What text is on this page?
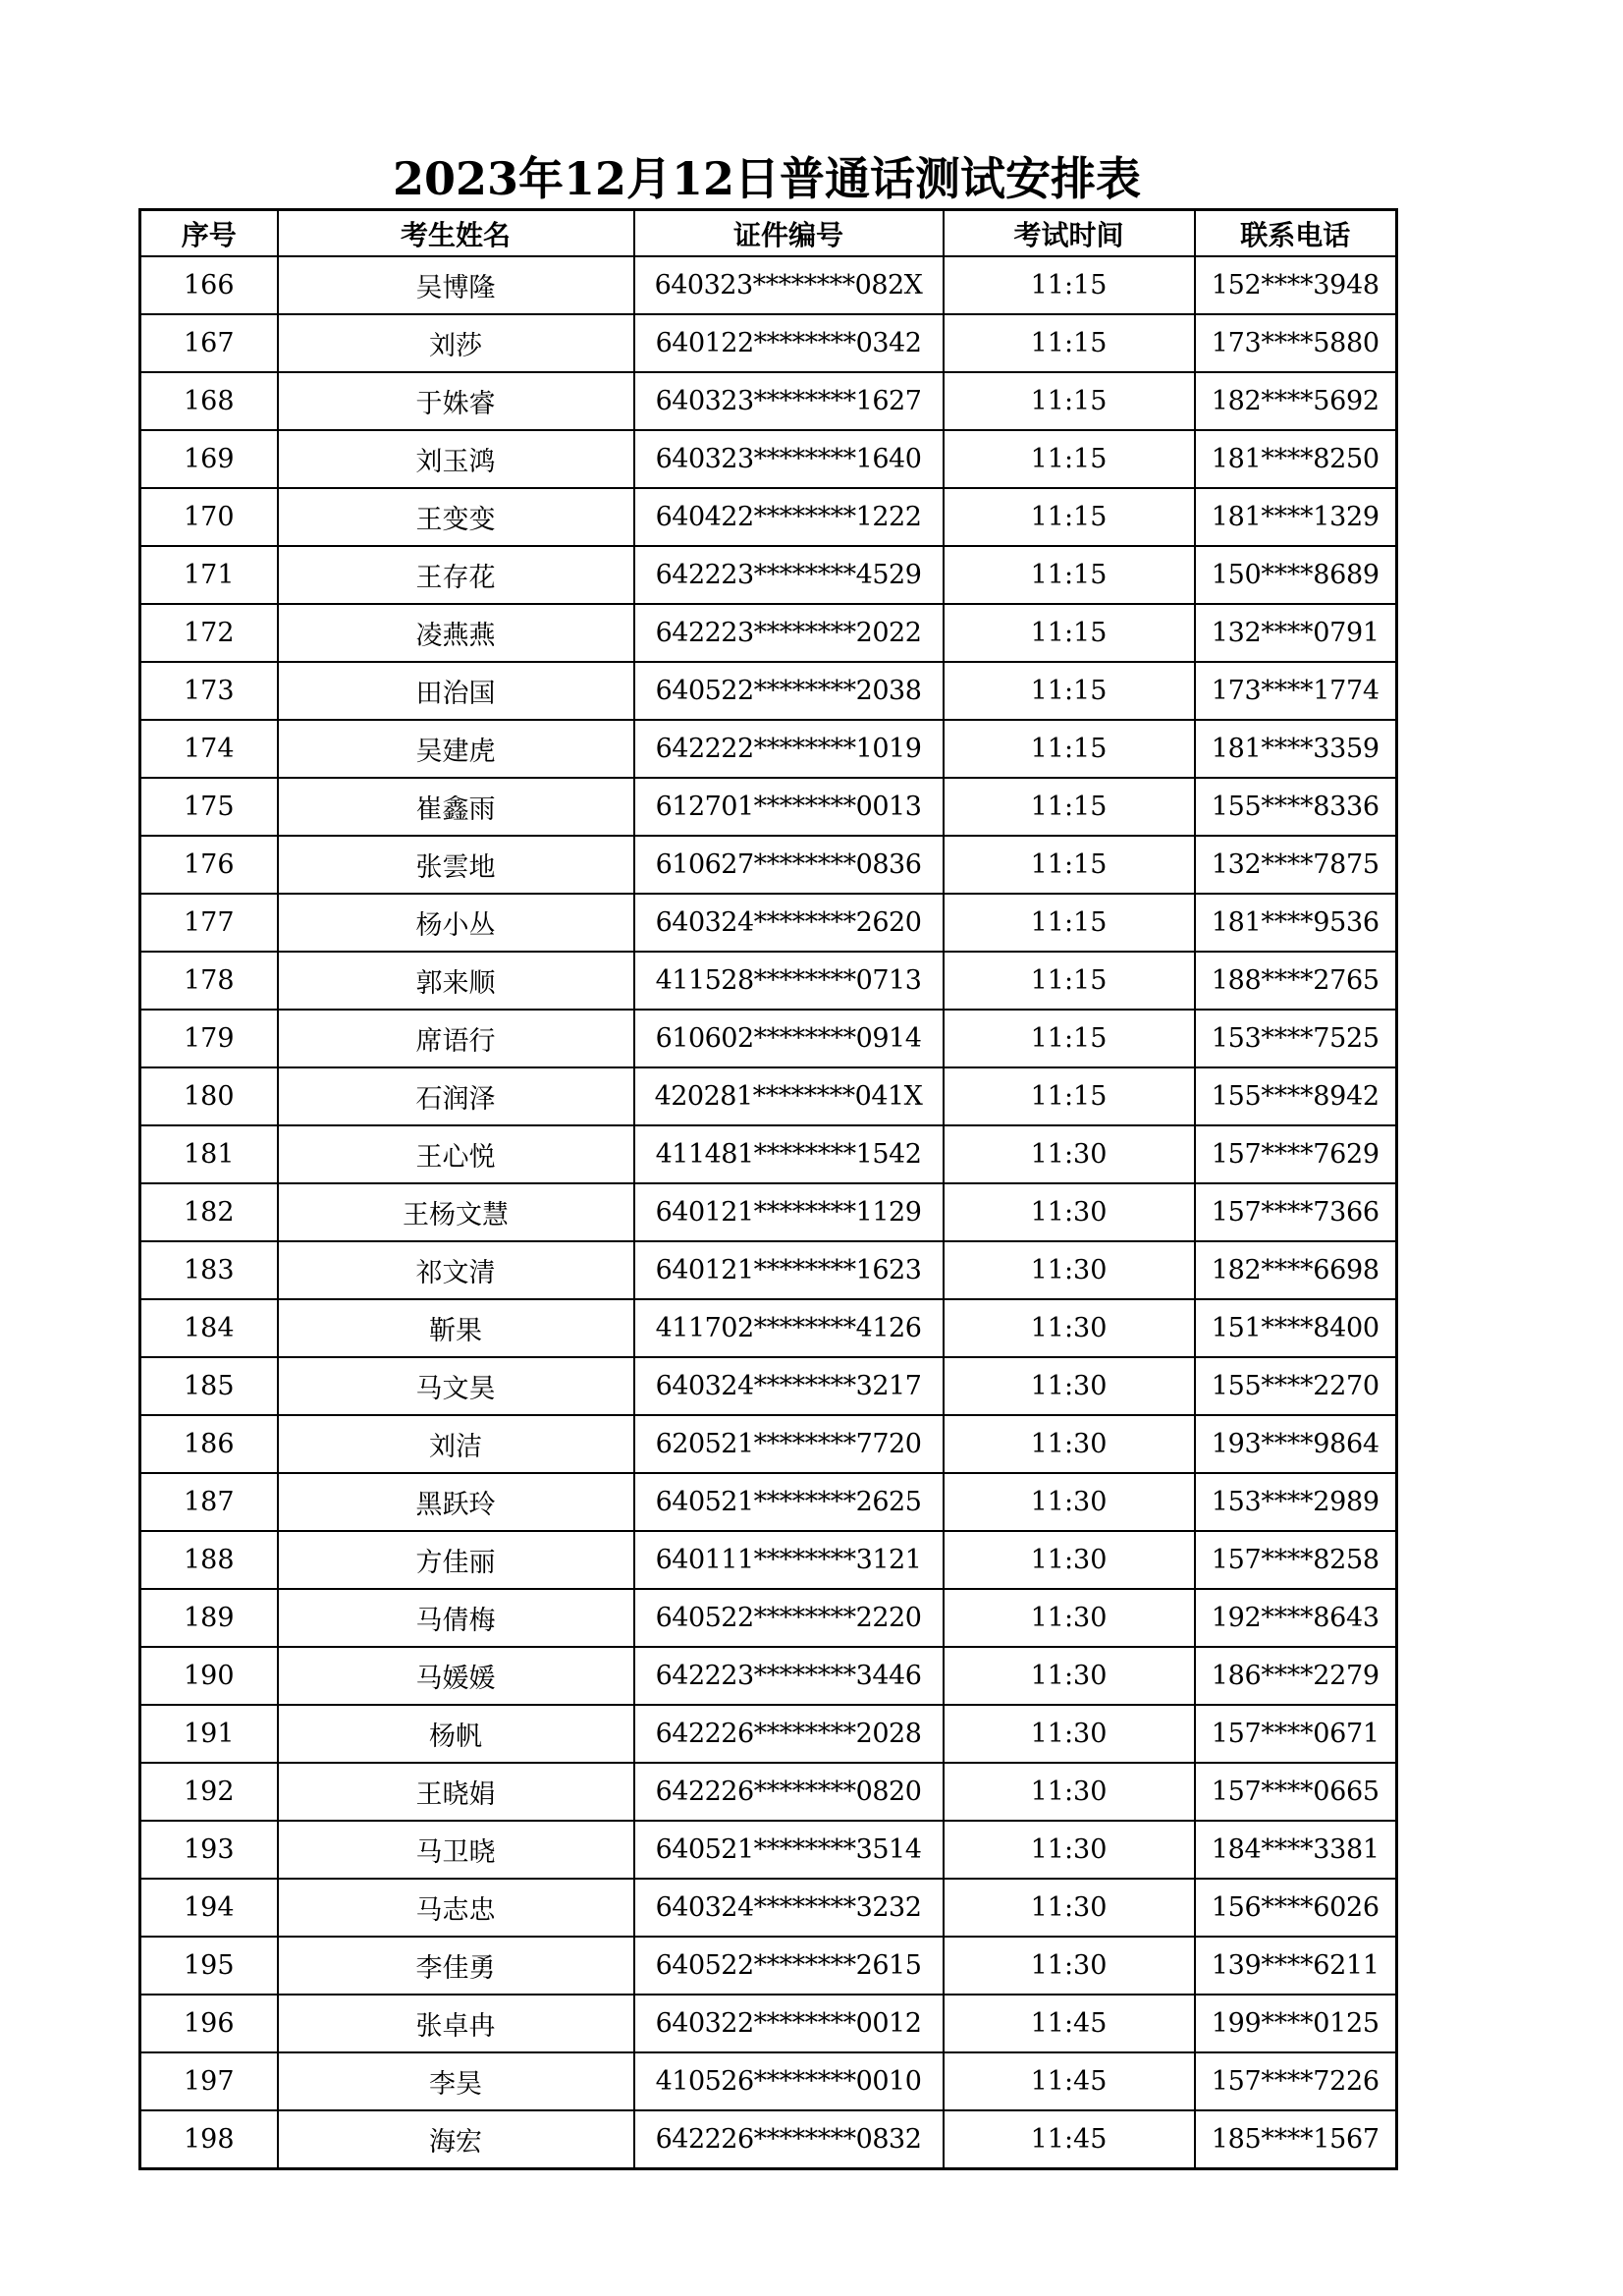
2023年12月12日普通话测试安排表
序号	考生姓名	证件编号	考试时间	联系电话
166	吴博隆	640323********082X	11:15	152****3948
167	刘莎	640122********0342	11:15	173****5880
168	于姝睿	640323********1627	11:15	182****5692
169	刘玉鸿	640323********1640	11:15	181****8250
170	王变变	640422********1222	11:15	181****1329
171	王存花	642223********4529	11:15	150****8689
172	凌燕燕	642223********2022	11:15	132****0791
173	田治国	640522********2038	11:15	173****1774
174	吴建虎	642222********1019	11:15	181****3359
175	崔鑫雨	612701********0013	11:15	155****8336
176	张雲地	610627********0836	11:15	132****7875
177	杨小丛	640324********2620	11:15	181****9536
178	郭来顺	411528********0713	11:15	188****2765
179	席语行	610602********0914	11:15	153****7525
180	石润泽	420281********041X	11:15	155****8942
181	王心悦	411481********1542	11:30	157****7629
182	王杨文慧	640121********1129	11:30	157****7366
183	祁文清	640121********1623	11:30	182****6698
184	靳果	411702********4126	11:30	151****8400
185	马文昊	640324********3217	11:30	155****2270
186	刘洁	620521********7720	11:30	193****9864
187	黑跃玲	640521********2625	11:30	153****2989
188	方佳丽	640111********3121	11:30	157****8258
189	马倩梅	640522********2220	11:30	192****8643
190	马媛媛	642223********3446	11:30	186****2279
191	杨帆	642226********2028	11:30	157****0671
192	王晓娟	642226********0820	11:30	157****0665
193	马卫晓	640521********3514	11:30	184****3381
194	马志忠	640324********3232	11:30	156****6026
195	李佳勇	640522********2615	11:30	139****6211
196	张卓冉	640322********0012	11:45	199****0125
197	李昊	410526********0010	11:45	157****7226
198	海宏	642226********0832	11:45	185****1567
